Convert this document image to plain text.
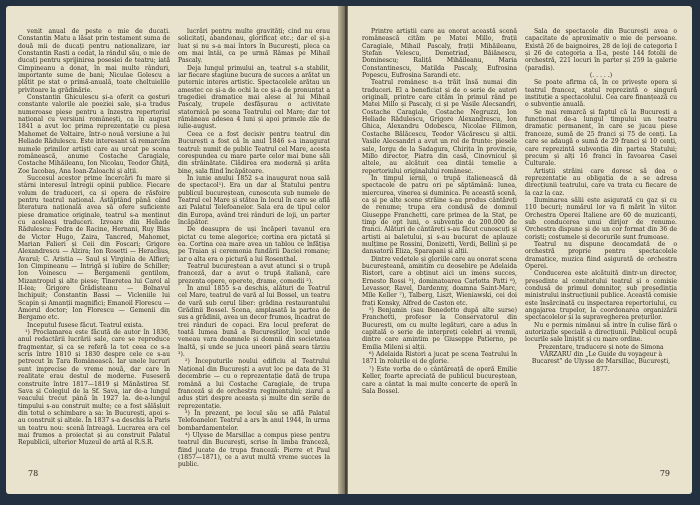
venit anual de peste o mie de ducați. Constantin Matu a lăsat prin testament suma de două mii de ducați pentru naționalizare, iar Constantin Rasti a cedat, la rândul său, o mie de ducați pentru sprijinirea posesiei de teatru; iată Cimpineanu a donat, în mai multe rânduri, importante sume de bani; Niculae Golescu a plătit pe stat o primă-anuală, toate cheltuielile privitoare la grădinărie.

Constantin Ghiculescu și-a oferit ca gesturi constante valorile ale poeziei sale, și-a tradus numeroase piese pentru a înzestra repertoriul național cu versiuni românești, ca în august 1841 a avut loc prima reprezentație cu piesa Mahomet de Voltaire, într-o nouă versiune a lui Heliade Rădulescu. Este interesant să remarcăm numele primilor artiști care au urcat pe scena românească, anume Costache Caragiale, Costache Mihăileanu, Ion Nicolau, Teodor Ghiță, Zoe Iacobaș, Ana Ioan-Zaloachi și alții.

Succesul acestor prime încercări fu mare și stârni interesul întregii opinii publice. Fiecare volum de traduceri, ca și opera de răsfoire pentru teatrul național. Astăptând până când literatura națională avea să ofere suficiente piese dramatice originale, teatrul s-a menținut cu aceleași traduceri. Izvoare din Heliade Rădulescu: Fedra de Racine, Hernani, Ruy Blas de Victor Hugo, Zaira, Tancred, Mahomet, Marian Falieri și Ceii din Foscari; Grigore Alexandrescu — Alzira; Ion Rosetti — Heraclius, Avarul; C. Aristia — Saul și Virginia de Alfieri; Ion Cimpineanu — Intrigă și iubire de Schiller; Ion Voinescu — Bergamenii gentilom, Mizantropul și alte piese; Tineretea lui Carol al II-lea; Grigore Grădișteanu — Bolnavul închipuit; Constantin Bassi — Vicleniile lui Scapin și Amanții magnifici; Emanoil Florescu — Amorul doctor; Ion Florescu — Gemenii din Bergamo etc.

Inceputul fusese făcut. Teatrul exista.

¹) Proclamarea este făcută de autor în 1836, anul redactării lucrării sale, care se reproduce fragmentar, și ca se referă la tot ceea ce s-a scris între 1810 și 1830 despre cele ce s-au petrecut în Țara Românească. Iar unele lucruri sunt imprecise de vreme nouă, dar care în realitate erau destul de moderne. Fuseseră construite între 1817—1819 și Mănăstirea Sf. Sava și Colegiul de la Sf. Sava, iar de-a lungul veacului trecut până în 1927 la. de-a-lungul timpului s-au construit multe; ce a fost sălășluit din totul o schimbare a sa: în București, apoi s-au construit și altele. În 1837 s-a deschis la Paris un teatru nou: scenă întreagă. Lucrarea era cel mai frumos a proiectat și au construit Palatul Republicii, ulterior Muzeul de artă al R.S.R.

lucrări pentru multe gravități; cind nu erau solicitați, abandonau, glorificaț etc.; dar el și-a luat și nu s-a mai întors în București, pleca ca om mai întâi, ca pe urmă Rămas pe Mihail Pascaly.

Deja lungul primului an, teatrul s-a stabilit, iar fiecare stagiune bucura de succes a arătat un puternic interes artistic. Spectacolele arătau un amestec ce și-a de ochi la ce și-a de pronunțat a tragediei dramatice mai alese al lui Mihail Pascaly, trupele desfășurau o activitate statornică pe scena Teatrului cel Mare; dar tot rămâneau adesea 4 luni și apoi primele zile de iulie-august.

Ceea ce a fost decisiv pentru teatrul din București a fost că în anul 1846 s-a inaugurat teatrul: numit de public Teatrul cel Mare, acesta corespundea cu mare parte celor mai bune săli din străinătate. Clădirea era modernă și arăta bine, sala fiind încăpătoare.

În iunie anului 1852 s-a inaugurat noua sală de spectacol¹). Era un dar al Statului pentru publicul bucureștean, cunoscuta sub numele de Teatrul cel Mare și stătea în locul în care se află azi Palatul Telefoanelor. Sala era de tipul celor din Europa, având trei rânduri de loji, un parter încăpător.

De deasupra de uși încăperi tavanul era pictat cu teme alegorice; cortina era pictată și ea. Cortina cea mare avea un tablou ce înfățișa pe Traian și ceremonia fundării Daciei romane; iar o alta era o pictură a lui Rosenthal.

Teatrul bucureștean a avut atunci și o trupă franceză, dar a avut o trupă italiană, care prezenta opere, operete, drame, comedii ²).

În anul 1855 s-a deschis, alături de Teatrul cel Mare, teatrul de vară al lui Bossel, un teatru de vară sub cerul liber: grădina restaurantului Grădinii Bossel. Scena, amplasată la partea de sus a grădinii, avea un decor frumos, încadrat de trei rânduri de copaci. Era locul preferat de toată lumea bună a Bucureștilor, locul unde veneau vara doamnele și domnii din societatea înaltă, și unde se juca uneori până seara târziu ³).

²) Începuturile noului edificiu al Teatrului Național din București a avut loc pe data de 31 decembrie — cu o reprezentație dată de trupa română a lui Costache Caragiale, de trupa franceză și de orchestra regimentului; ziarul a adus știri despre aceasta și multe din serile de reprezentație.

³) În prezent, pe locul său se află Palatul Telefoanelor. Teatrul a ars în anul 1944, în urma bombardamentelor.

⁴) Ulysse de Marsillac a compus piese pentru teatrul din București, scrise în limba franceză, fiind jucate de trupa franceză: Pierre et Paul (1857—1871), ce a avut multă vreme succes la public.

78

Printre artiștii care au onorat această scenă românească cităm pe Matei Millo, frații Caragiale, Mihail Pascaly, frații Mihăileanu, Ștefan Velescu, Demetriad, Băiănescu, Dominescu; Raliță Mihăileanu, Maria Constantinescu, Matilda Pascaly, Eufrosina Popescu, Eufrosina Sarandi etc.

Teatrul românesc n-a trăit însă numai din traduceri. El a beneficiat și de o serie de autori originali, printre care cităm în primul rând pe Matei Millo și Pascaly, ci și pe Vasile Alecsandri, Costache Caragiale, Costache Negruzzi, Ion Heliade Rădulescu, Grigore Alexandrescu, Ion Ghica, Alexandru Odobescu, Nicolae Filimon, Costache Bălăcescu, Teodor Văcărescu și alții. Vasile Alecsandri a avut un rol de frunte: piesele sale, Iorgu de la Sadagura, Chirița în provincie, Millo director, Piatra din casă, Cinovnicul și altele, au alcătuit cea dintâi temelie a repertoriului originalului românesc.

În timpul iernii, o trupă italienească dă spectacole de patru ori pe săptămână: lunea, miercurea, vinerea și duminica. Pe această scenă, ca și pe alte scene străine s-au produs cântăreți de renume; trupa era condusă de domnul Giuseppe Franchetti, care primea de la Stat, pe timp de opt luni, o subvenție de 200.000 de franci. Alături de cântăreți s-au făcut cunoscuți și artiști ai baletului, și s-au bucurat de aplauze mulțime pe Rossini, Donizetti, Verdi, Bellini și pe dansatorii Eliza, Sparapani și alții.

Dintre vedetele și gloriile care au onorat scena bucureșteană, amintim cu deosebire pe Adelaida Ristori, care a obținut aici un imens succes, Ernesto Rossi ⁵), dominatoarea Carlotta Patti ⁶), Levassor, Ravel, Dardenny, doamna Saint-Marc, Mlle Keller ⁷), Talberg, Liszt, Wieniawski, cei doi frați Konsky, Alfred de Caston etc.

⁵) Benjamin (sau Benedetto după alte surse) Franchetti, profesor la Conservatorul din București, om cu multe legături, care a adus în capitală o serie de interpreți celebri ai vremii, dintre care amintim pe Giuseppe Patierno, pe Emilia Mileni și alții.

⁶) Adelaida Ristori a jucat pe scena Teatrului în 1871 în rolurile ei de glorie.

⁷) Este vorba de o cântăreață de operă Emilie Keller, foarte apreciată de publicul bucureștean, care a cântat la mai multe concerte de operă în Sala Bossel.

Sala de spectacole din București avea o capacitate de aproximativ o mie de persoane. Există 26 de baignoires, 28 de loji de categoria I și 26 de categoria a II-a, peste 144 fotolii de orchestră, 221 locuri în parter și 259 la galerie (paradis).

(. . . . .)

Se poate afirma că, în ce privește opera și teatrul francez, statul reprezintă o singură instituție a spectacolului. Cea care finanțează cu o subvenție anuală.

Se mai remarcă și faptul că la București a funcționat de-a lungul timpului un teatru dramatic permanent, în care se jucau piese franceze, sumă de 25 franci și 75 de cenți. La care se adaugă o sumă de 29 franci și 10 cenți, care reprezintă subvenția din partea Statului; precum și alți 16 franci în favoarea Casei Culturale.

Artiștii străini care doresc să dea o reprezentație au obligația de a se adresa direcțiunii teatrului, care va trata cu fiecare de la caz la caz.

Iluminarea sălii este asigurată cu gaz și cu 110 becuri; numărul lor va fi mărit în viitor. Orchestra Operei Italiene are 60 de muzicanți, sub conducerea unui dirijor de renume. Orchestra dispune și de un cor format din 36 de coriști; costumele și decorurile sunt frumoase.

Teatrul nu dispune deocamdată de o orchestră proprie pentru spectacolele dramatice, muzica fiind asigurată de orchestra Operei.

Conducerea este alcătuită dintr-un director, președinte al comitetului teatral și o comisie condusă de primul domnitor, sub președinția ministrului instrucțiunii publice. Această comisie este însărcinată cu inspectarea repertoriului, cu angajarea trupelor, la coordonarea organizării spectacolelor și la supravegherea prețurilor.

Nu e permis nimănui să intre în culise fără o autorizație specială a direcțiunii. Publicul ocupă locurile sale liniștit și cu mare ordine.

Prezentare, traducere și note de Simona VĂRZARU din „Le Guide du voyageur à Bucarest” de Ulysse de Marsillac, București, 1877.

79
